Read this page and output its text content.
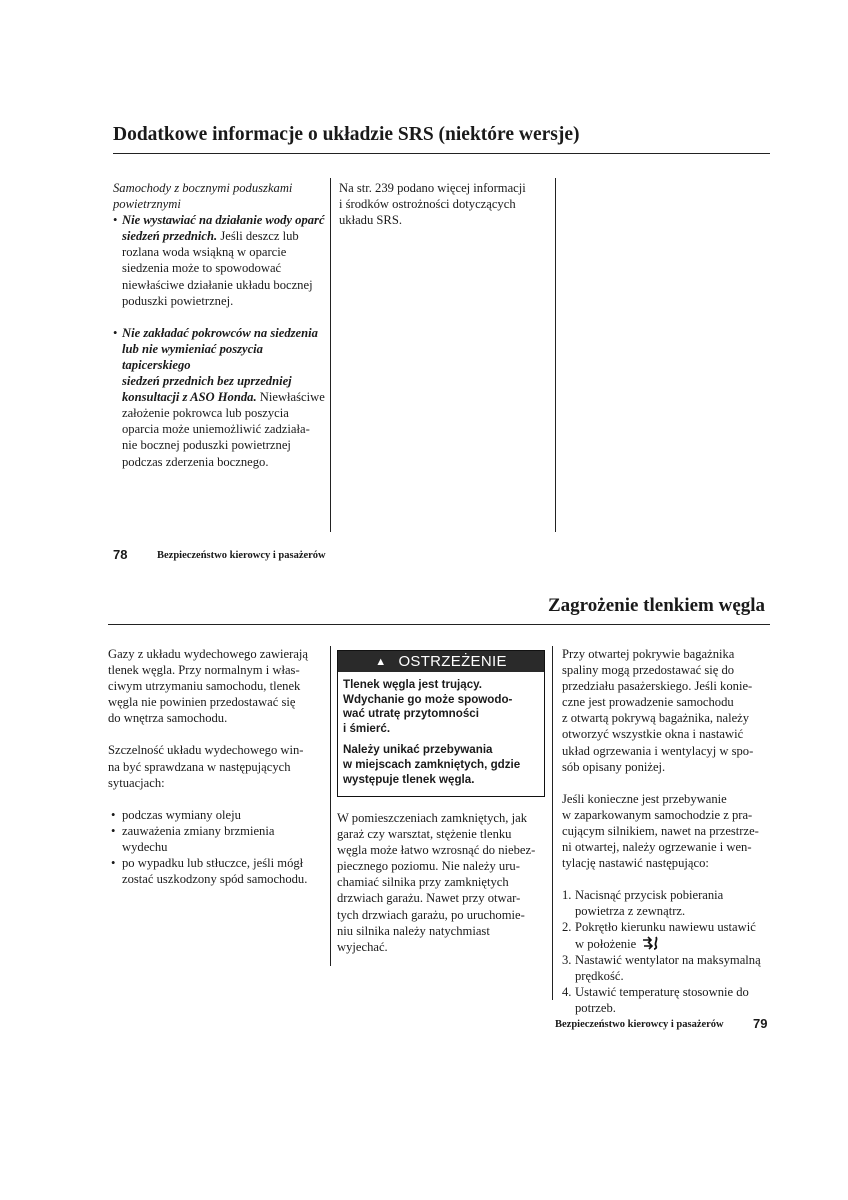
Dodatkowe informacje o układzie SRS (niektóre wersje)

Samochody z bocznymi poduszkami

powietrznymi

• Nie wystawiać na działanie wody oparć

siedzeń przednich. Jeśli deszcz lub

rozlana woda wsiąkną w oparcie

siedzenia może to spowodować

niewłaściwe działanie układu bocznej

poduszki powietrznej.

• Nie zakładać pokrowców na siedzenia

lub nie wymieniać poszycia tapicerskiego

siedzeń przednich bez uprzedniej

konsultacji z ASO Honda. Niewłaściwe

założenie pokrowca lub poszycia

oparcia może uniemożliwić zadziała-

nie bocznej poduszki powietrznej

podczas zderzenia bocznego.

Na str. 239 podano więcej informacji

i środków ostrożności dotyczących

układu SRS.

78	Bezpieczeństwo kierowcy i pasażerów
Zagrożenie tlenkiem węgla

Gazy z układu wydechowego zawierają

tlenek węgla. Przy normalnym i włas-

ciwym utrzymaniu samochodu, tlenek

węgla nie powinien przedostawać się

do wnętrza samochodu.

Szczelność układu wydechowego win-

na być sprawdzana w następujących

sytuacjach:

• podczas wymiany oleju
• zauważenia zmiany brzmienia
wydechu
• po wypadku lub stłuczce, jeśli mógł
zostać uszkodzony spód samochodu.
▲ OSTRZEŻENIE

Tlenek węgla jest trujący.
Wdychanie go może spowodo-
wać utratę przytomności
i śmierć.

Należy unikać przebywania
w miejscach zamkniętych, gdzie
występuje tlenek węgla.

W pomieszczeniach zamkniętych, jak

garaż czy warsztat, stężenie tlenku

węgla może łatwo wzrosnąć do niebez-

piecznego poziomu. Nie należy uru-

chamiać silnika przy zamkniętych

drzwiach garażu. Nawet przy otwar-

tych drzwiach garażu, po uruchomie-

niu silnika należy natychmiast

wyjechać.

Przy otwartej pokrywie bagażnika

spaliny mogą przedostawać się do

przedziału pasażerskiego. Jeśli konie-

czne jest prowadzenie samochodu

z otwartą pokrywą bagażnika, należy

otworzyć wszystkie okna i nastawić

układ ogrzewania i wentylacyj w spo-

sób opisany poniżej.

Jeśli konieczne jest przebywanie

w zaparkowanym samochodzie z pra-

cującym silnikiem, nawet na przestrze-

ni otwartej, należy ogrzewanie i wen-

tylację nastawić następująco:

1. Nacisnąć przycisk pobierania
powietrza z zewnątrz.
2. Pokrętło kierunku nawiewu ustawić
w położenie
3. Nastawić wentylator na maksymalną
prędkość.
4. Ustawić temperaturę stosownie do
potrzeb.
Bezpieczeństwo kierowcy i pasażerów 79
